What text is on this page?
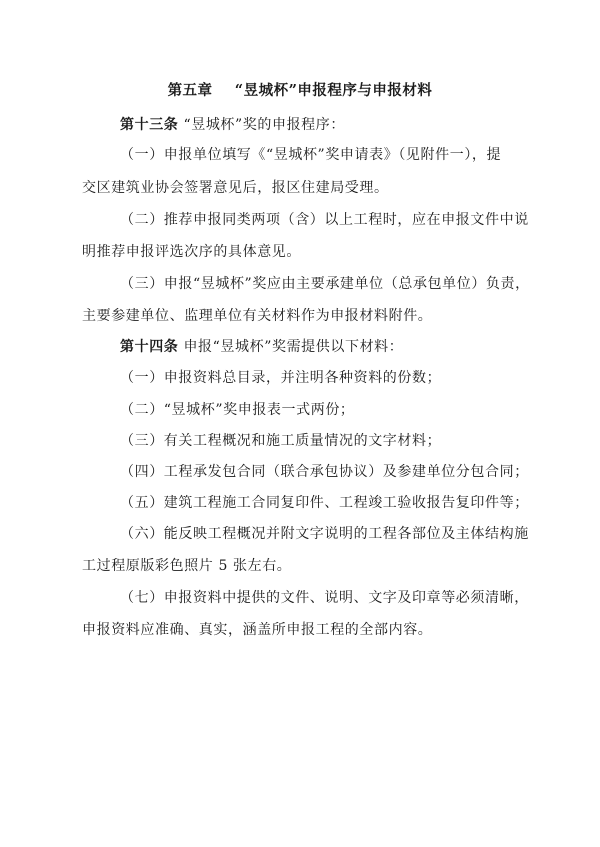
第五章    “昱城杯”申报程序与申报材料
第十三条 “昱城杯”奖的申报程序：
（一）申报单位填写《“昱城杯”奖申请表》（见附件一），提
交区建筑业协会签署意见后，报区住建局受理。
（二）推荐申报同类两项（含）以上工程时，应在申报文件中说
明推荐申报评选次序的具体意见。
（三）申报“昱城杯”奖应由主要承建单位（总承包单位）负责，
主要参建单位、监理单位有关材料作为申报材料附件。
第十四条 申报“昱城杯”奖需提供以下材料：
（一）申报资料总目录，并注明各种资料的份数；
（二）“昱城杯”奖申报表一式两份；
（三）有关工程概况和施工质量情况的文字材料；
（四）工程承发包合同（联合承包协议）及参建单位分包合同；
（五）建筑工程施工合同复印件、工程竣工验收报告复印件等；
（六）能反映工程概况并附文字说明的工程各部位及主体结构施
工过程原版彩色照片 5 张左右。
（七）申报资料中提供的文件、说明、文字及印章等必须清晰，
申报资料应准确、真实，涵盖所申报工程的全部内容。
